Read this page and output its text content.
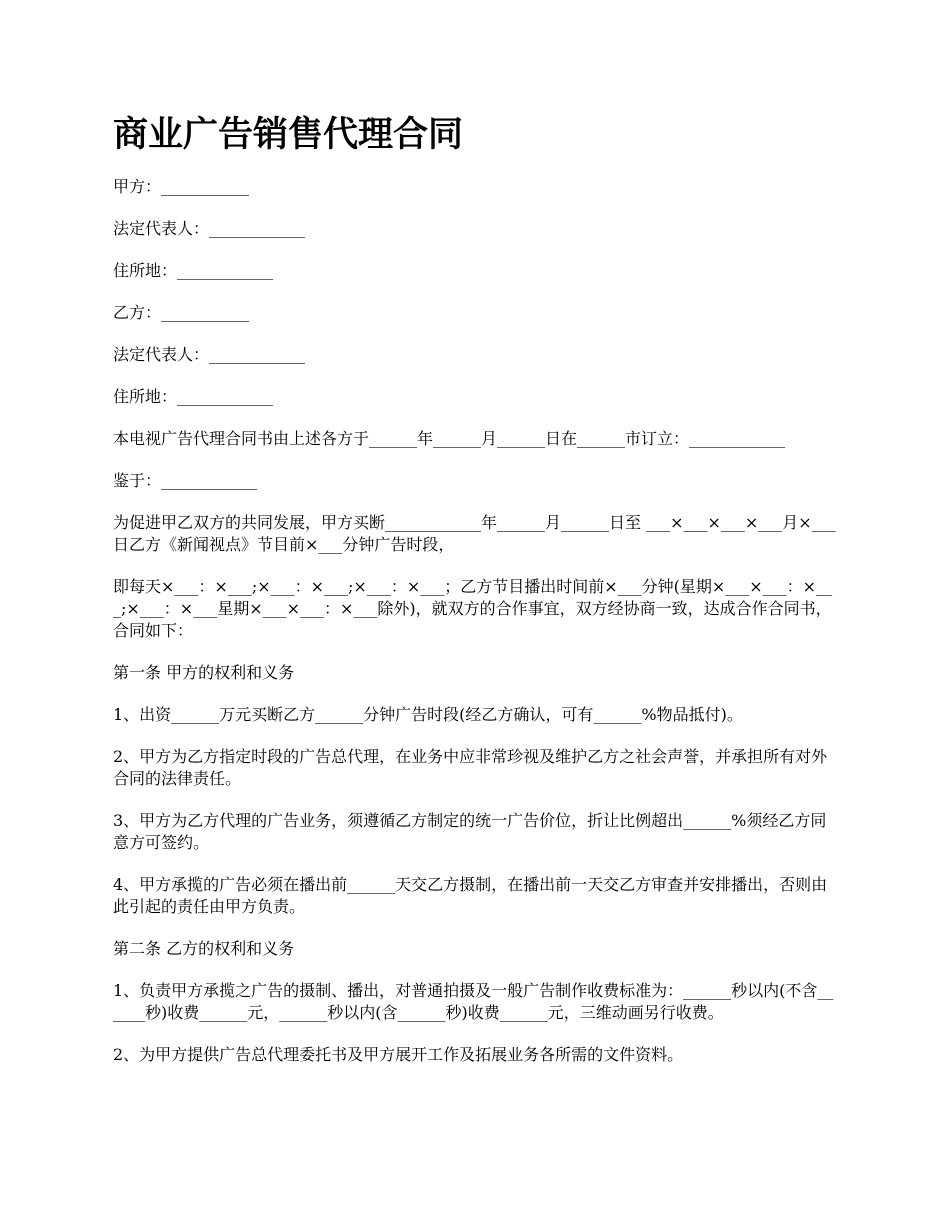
商业广告销售代理合同

甲方：___________

法定代表人：____________

住所地：____________

乙方：___________

法定代表人：____________

住所地：____________

本电视广告代理合同书由上述各方于______年______月______日在______市订立：____________

鉴于：____________

为促进甲乙双方的共同发展，甲方买断____________年______月______日至 ___×___×___×___月×___日乙方《新闻视点》节目前×___分钟广告时段，

即每天×___：×___;×___：×___;×___：×___；乙方节目播出时间前×___分钟(星期×___×___：×___;×___：×___星期×___×___：×___除外)，就双方的合作事宜，双方经协商一致，达成合作合同书，合同如下：

第一条 甲方的权利和义务

1、出资______万元买断乙方______分钟广告时段(经乙方确认，可有______%物品抵付)。

2、甲方为乙方指定时段的广告总代理，在业务中应非常珍视及维护乙方之社会声誉，并承担所有对外合同的法律责任。

3、甲方为乙方代理的广告业务，须遵循乙方制定的统一广告价位，折让比例超出______%须经乙方同意方可签约。

4、甲方承揽的广告必须在播出前______天交乙方摄制，在播出前一天交乙方审查并安排播出，否则由此引起的责任由甲方负责。

第二条 乙方的权利和义务

1、负责甲方承揽之广告的摄制、播出，对普通拍摄及一般广告制作收费标准为：______秒以内(不含______秒)收费______元，______秒以内(含______秒)收费______元，三维动画另行收费。

2、为甲方提供广告总代理委托书及甲方展开工作及拓展业务各所需的文件资料。
